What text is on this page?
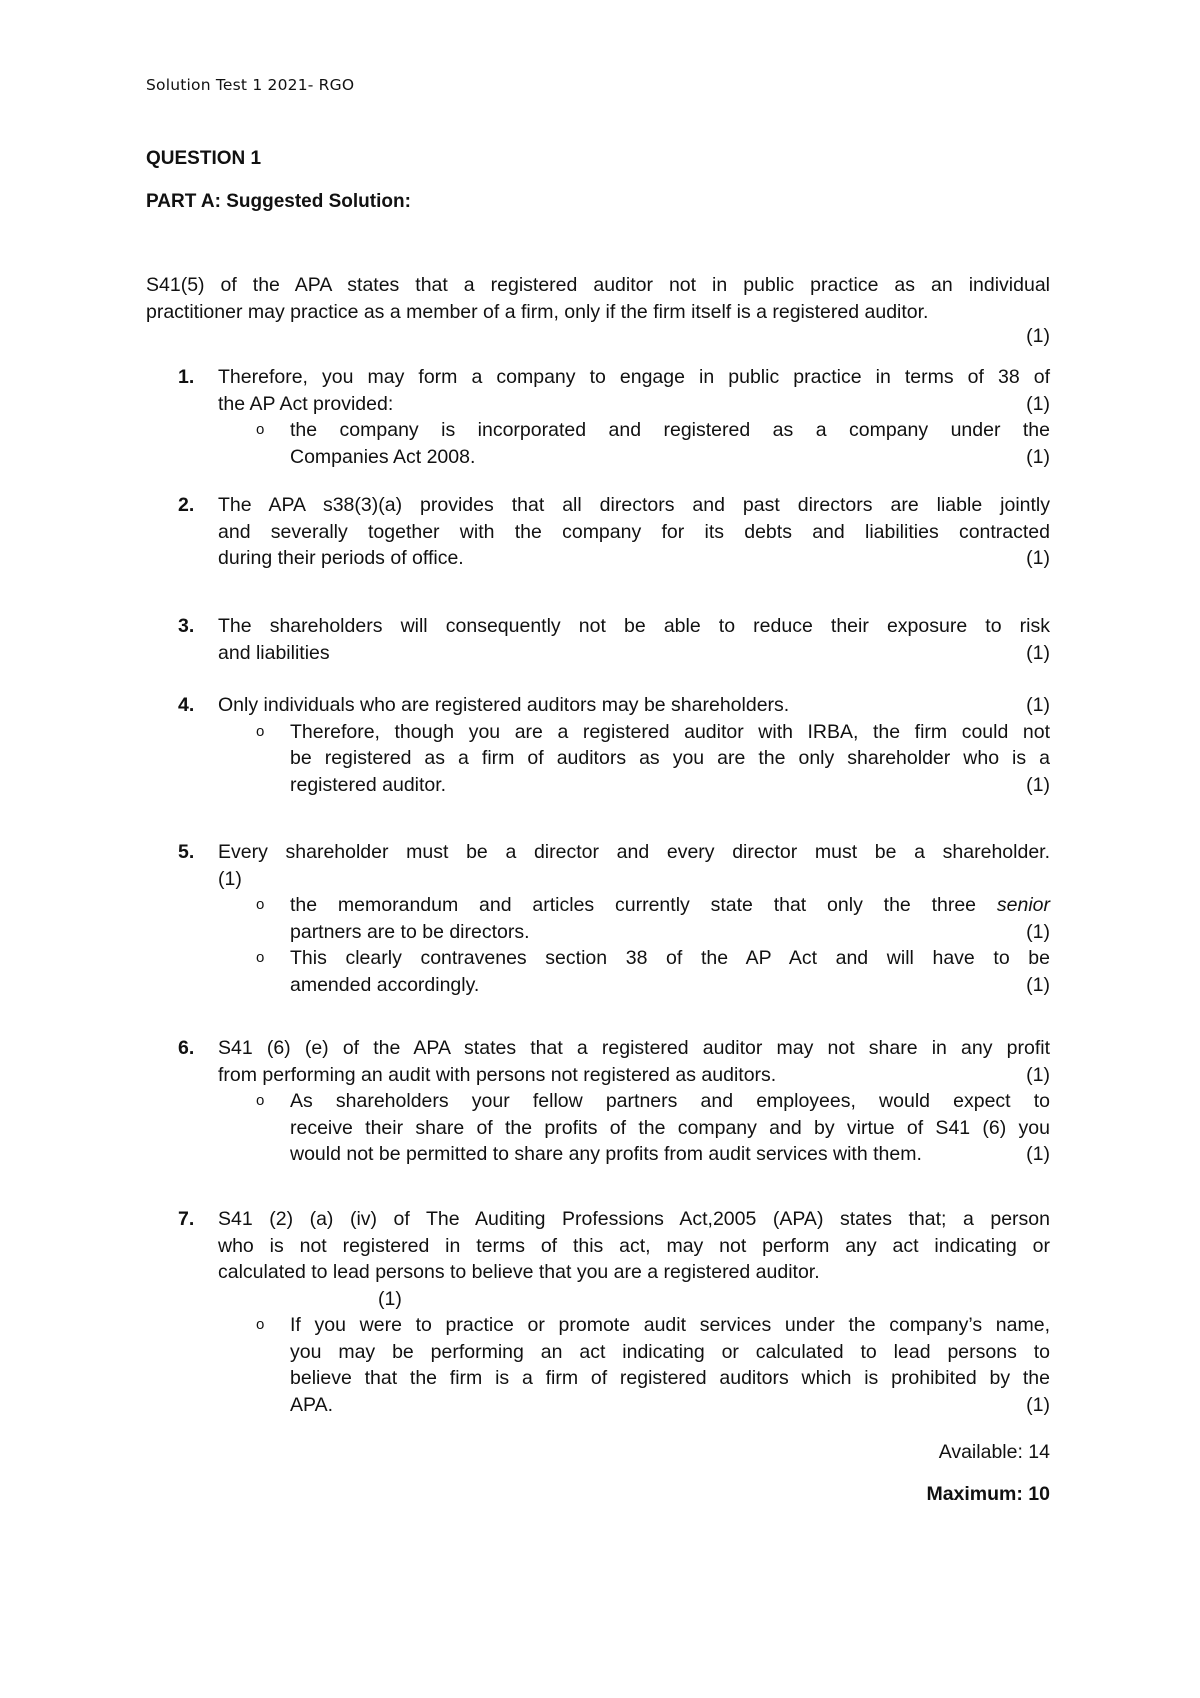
Solution Test 1 2021- RGO
QUESTION 1
PART A: Suggested Solution:
S41(5) of the APA states that a registered auditor not in public practice as an individual
practitioner may practice as a member of a firm, only if the firm itself is a registered auditor.
(1)
1.	Therefore, you may form a company to engage in public practice in terms of 38 of
the AP Act provided:	(1)
o the company is incorporated and registered as a company under the
Companies Act 2008.	(1)
2.	The APA s38(3)(a) provides that all directors and past directors are liable jointly
and severally together with the company for its debts and liabilities contracted
during their periods of office.	(1)
3.	The shareholders will consequently not be able to reduce their exposure to risk
and liabilities	(1)
4.	Only individuals who are registered auditors may be shareholders.	(1)
o Therefore, though you are a registered auditor with IRBA, the firm could not
be registered as a firm of auditors as you are the only shareholder who is a
registered auditor.	(1)
5.	Every shareholder must be a director and every director must be a shareholder.
(1)
o the memorandum and articles currently state that only the three senior
partners are to be directors.	(1)
o This clearly contravenes section 38 of the AP Act and will have to be
amended accordingly.	(1)
6.	S41 (6) (e) of the APA states that a registered auditor may not share in any profit
from performing an audit with persons not registered as auditors.	(1)
o As shareholders your fellow partners and employees, would expect to
receive their share of the profits of the company and by virtue of S41 (6) you
would not be permitted to share any profits from audit services with them.	(1)
7.	S41 (2) (a) (iv) of The Auditing Professions Act,2005 (APA) states that; a person
who is not registered in terms of this act, may not perform any act indicating or
calculated to lead persons to believe that you are a registered auditor.
(1)
o If you were to practice or promote audit services under the company’s name,
you may be performing an act indicating or calculated to lead persons to
believe that the firm is a firm of registered auditors which is prohibited by the
APA.	(1)
Available: 14
Maximum: 10
